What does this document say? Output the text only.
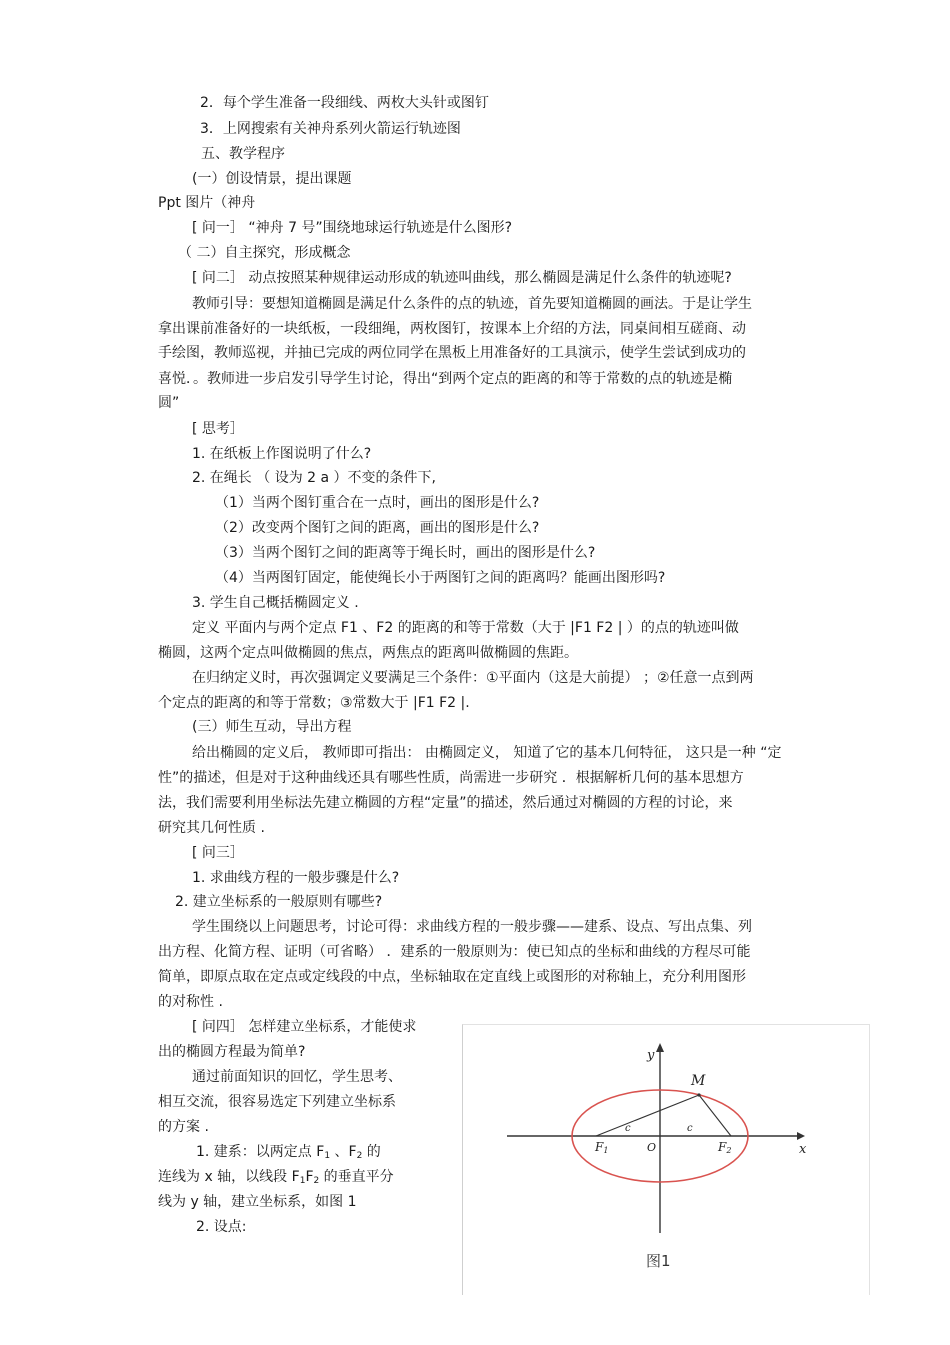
2．每个学生准备一段细线、两枚大头针或图钉
3．上网搜索有关神舟系列火箭运行轨迹图
五、教学程序
(一）创设情景，提出课题
Ppt 图片（神舟
[ 问一］ “神舟 7 号”围绕地球运行轨迹是什么图形?
（ 二）自主探究，形成概念
[ 问二］ 动点按照某种规律运动形成的轨迹叫曲线，那么椭圆是满足什么条件的轨迹呢?
教师引导：要想知道椭圆是满足什么条件的点的轨迹，首先要知道椭圆的画法。于是让学生
拿出课前准备好的一块纸板，一段细绳，两枚图钉，按课本上介绍的方法，同桌间相互磋商、动
手绘图，教师巡视，并抽已完成的两位同学在黑板上用准备好的工具演示，使学生尝试到成功的
喜悦．。教师进一步启发引导学生讨论，得出“到两个定点的距离的和等于常数的点的轨迹是椭
圆”
[ 思考］
1. 在纸板上作图说明了什么?
2. 在绳长 （ 设为 2 a ）不变的条件下,
（1）当两个图钉重合在一点时，画出的图形是什么?
（2）改变两个图钉之间的距离，画出的图形是什么?
（3）当两个图钉之间的距离等于绳长时，画出的图形是什么?
（4）当两图钉固定，能使绳长小于两图钉之间的距离吗？能画出图形吗?
3. 学生自己概括椭圆定义 .
定义 平面内与两个定点 F1 、F2 的距离的和等于常数（大于 |F1 F2 | ）的点的轨迹叫做
椭圆，这两个定点叫做椭圆的焦点，两焦点的距离叫做椭圆的焦距。
在归纳定义时，再次强调定义要满足三个条件：①平面内（这是大前提） ；②任意一点到两
个定点的距离的和等于常数；③常数大于 |F1 F2 |.
(三）师生互动，导出方程
给出椭圆的定义后， 教师即可指出： 由椭圆定义， 知道了它的基本几何特征， 这只是一种 “定
性”的描述，但是对于这种曲线还具有哪些性质，尚需进一步研究 ．根据解析几何的基本思想方
法，我们需要利用坐标法先建立椭圆的方程“定量”的描述，然后通过对椭圆的方程的讨论，来
研究其几何性质 .
[ 问三］
1. 求曲线方程的一般步骤是什么?
2. 建立坐标系的一般原则有哪些?
学生围绕以上问题思考，讨论可得：求曲线方程的一般步骤——建系、设点、写出点集、列
出方程、化简方程、证明（可省略） ．建系的一般原则为：使已知点的坐标和曲线的方程尽可能
简单，即原点取在定点或定线段的中点，坐标轴取在定直线上或图形的对称轴上，充分利用图形
的对称性 .
[ 问四］ 怎样建立坐标系，才能使求
出的椭圆方程最为简单?
通过前面知识的回忆，学生思考、
相互交流，很容易选定下列建立坐标系
的方案 .
1. 建系：以两定点 $F_1$ 、$F_2$ 的
连线为 x 轴，以线段 $F_1F_2$ 的垂直平分
线为 y 轴，建立坐标系，如图 1
2. 设点:
y
M
x
O
c	c
F1	F2
图1
